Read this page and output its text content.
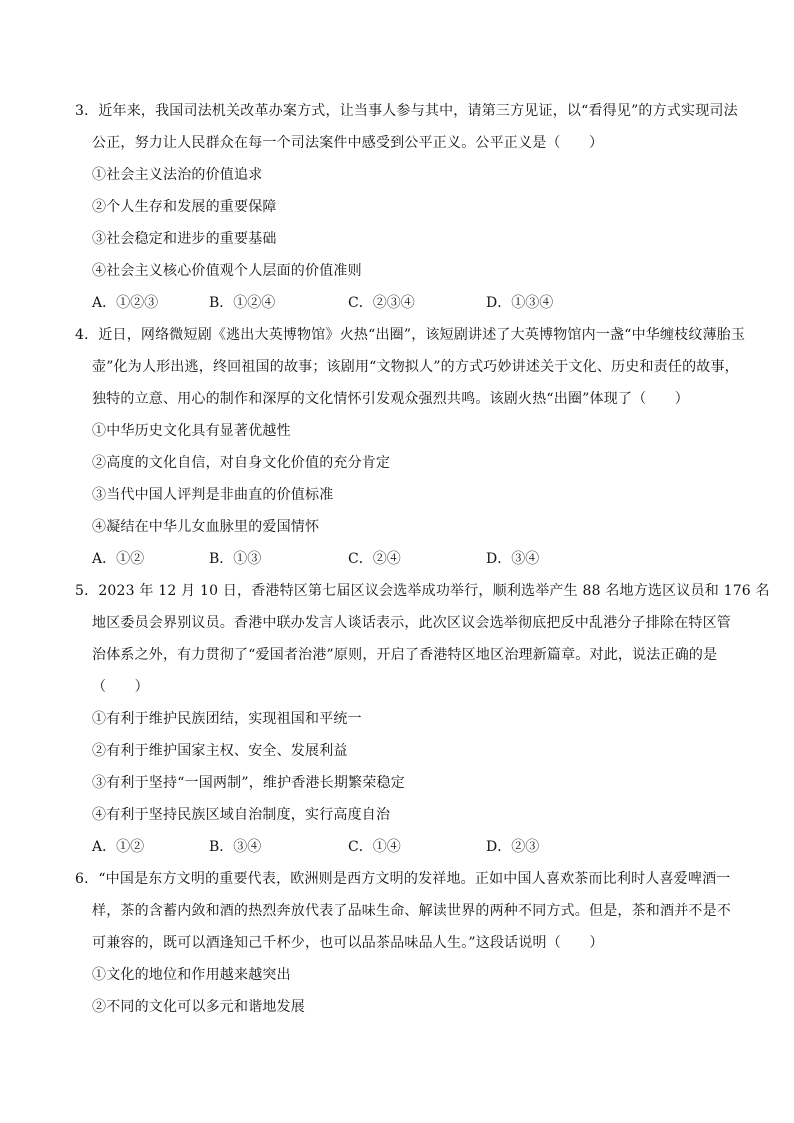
3．近年来，我国司法机关改革办案方式，让当事人参与其中，请第三方见证，以“看得见”的方式实现司法
公正，努力让人民群众在每一个司法案件中感受到公平正义。公平正义是（　　）
①社会主义法治的价值追求
②个人生存和发展的重要保障
③社会稳定和进步的重要基础
④社会主义核心价值观个人层面的价值准则
A．①②③	B．①②④	C．②③④	D．①③④
4．近日，网络微短剧《逃出大英博物馆》火热“出圈”，该短剧讲述了大英博物馆内一盏“中华缠枝纹薄胎玉
壶”化为人形出逃，终回祖国的故事；该剧用“文物拟人”的方式巧妙讲述关于文化、历史和责任的故事，
独特的立意、用心的制作和深厚的文化情怀引发观众强烈共鸣。该剧火热“出圈”体现了（　　）
①中华历史文化具有显著优越性
②高度的文化自信，对自身文化价值的充分肯定
③当代中国人评判是非曲直的价值标准
④凝结在中华儿女血脉里的爱国情怀
A．①②	B．①③	C．②④	D．③④
5．2023 年 12 月 10 日，香港特区第七届区议会选举成功举行，顺利选举产生 88 名地方选区议员和 176 名
地区委员会界别议员。香港中联办发言人谈话表示，此次区议会选举彻底把反中乱港分子排除在特区管
治体系之外，有力贯彻了“爱国者治港”原则，开启了香港特区地区治理新篇章。对此，说法正确的是
（　　）
①有利于维护民族团结，实现祖国和平统一
②有利于维护国家主权、安全、发展利益
③有利于坚持“一国两制”，维护香港长期繁荣稳定
④有利于坚持民族区域自治制度，实行高度自治
A．①②	B．③④	C．①④	D．②③
6．“中国是东方文明的重要代表，欧洲则是西方文明的发祥地。正如中国人喜欢茶而比利时人喜爱啤酒一
样，茶的含蓄内敛和酒的热烈奔放代表了品味生命、解读世界的两种不同方式。但是，茶和酒并不是不
可兼容的，既可以酒逢知己千杯少，也可以品茶品味品人生。”这段话说明（　　）
①文化的地位和作用越来越突出
②不同的文化可以多元和谐地发展
